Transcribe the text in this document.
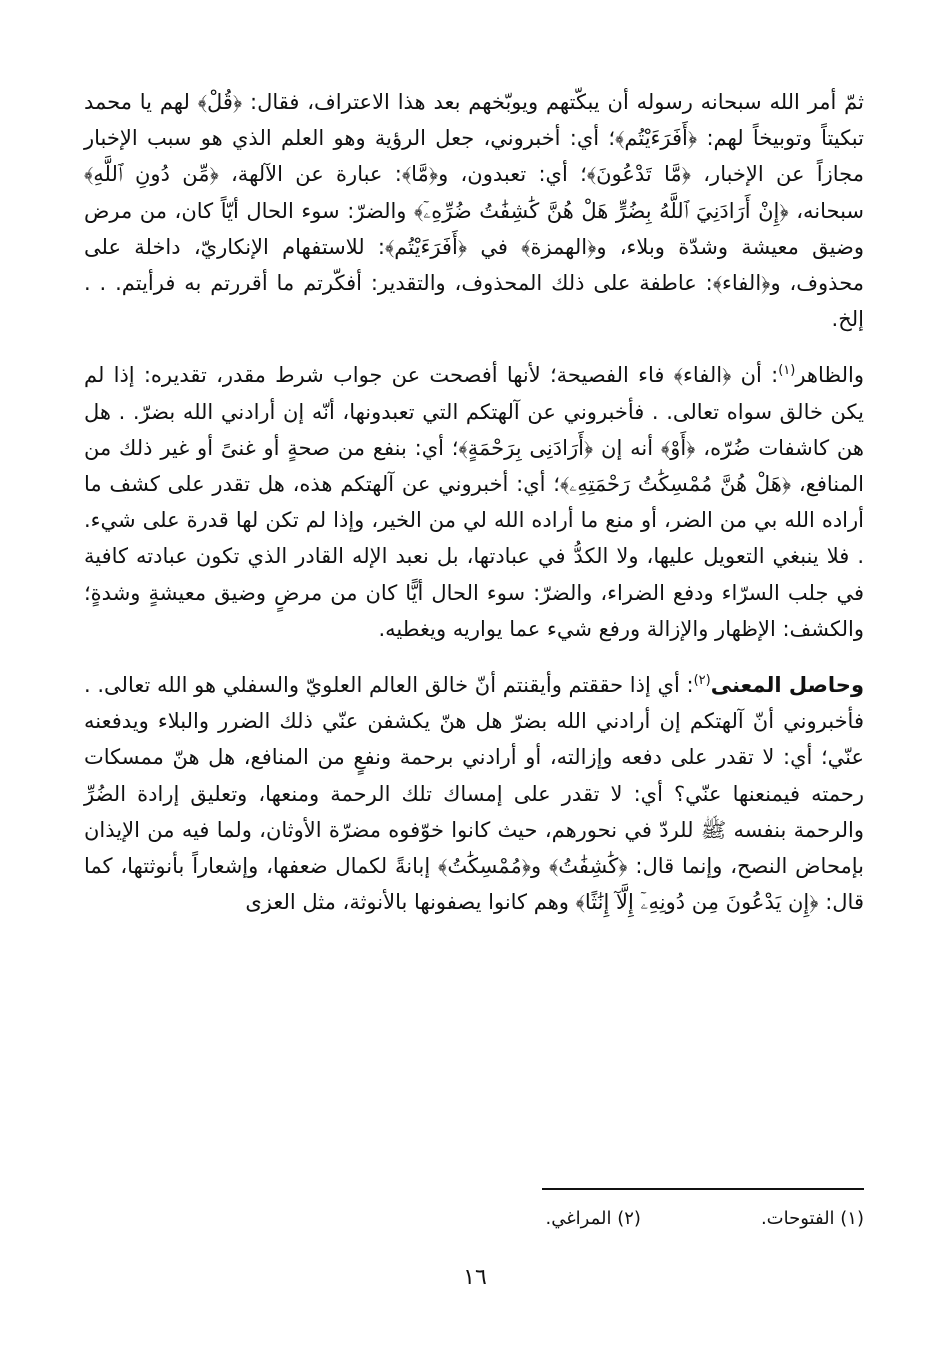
ثمّ أمر الله سبحانه رسوله أن يبكّتهم ويوبّخهم بعد هذا الاعتراف، فقال: ﴿قُلْ﴾ لهم يا محمد تبكيتاً وتوبيخاً لهم: ﴿أَفَرَءَيْتُم﴾؛ أي: أخبروني، جعل الرؤية وهو العلم الذي هو سبب الإخبار مجازاً عن الإخبار، ﴿مَّا تَدْعُونَ﴾؛ أي: تعبدون، و﴿مَّا﴾: عبارة عن الآلهة، ﴿مِّن دُونِ ٱللَّهِ﴾ سبحانه، ﴿إِنْ أَرَادَنِيَ ٱللَّهُ بِضُرٍّ هَلْ هُنَّ كَٰشِفَٰتُ ضُرِّهِۦٓ﴾ والضرّ: سوء الحال أيّاً كان، من مرض وضيق معيشة وشدّة وبلاء، و﴿الهمزة﴾ في ﴿أَفَرَءَيْتُم﴾: للاستفهام الإنكاريّ، داخلة على محذوف، و﴿الفاء﴾: عاطفة على ذلك المحذوف، والتقدير: أفكّرتم ما أقررتم به فرأيتم. . . إلخ.

والظاهر$^{(١)}$: أن ﴿الفاء﴾ فاء الفصيحة؛ لأنها أفصحت عن جواب شرط مقدر، تقديره: إذا لم يكن خالق سواه تعالى. . فأخبروني عن آلهتكم التي تعبدونها، أنّه إن أرادني الله بضرّ. . هل هن كاشفات ضُرّه، ﴿أَوْ﴾ أنه إن ﴿أَرَادَنِى بِرَحْمَةٍ﴾؛ أي: بنفع من صحةٍ أو غنىً أو غير ذلك من المنافع، ﴿هَلْ هُنَّ مُمْسِكَٰتُ رَحْمَتِهِۦ﴾؛ أي: أخبروني عن آلهتكم هذه، هل تقدر على كشف ما أراده الله بي من الضر، أو منع ما أراده الله لي من الخير، وإذا لم تكن لها قدرة على شيء. . فلا ينبغي التعويل عليها، ولا الكدُّ في عبادتها، بل نعبد الإله القادر الذي تكون عبادته كافية في جلب السرّاء ودفع الضراء، والضرّ: سوء الحال أيًّا كان من مرضٍ وضيق معيشةٍ وشدةٍ؛ والكشف: الإظهار والإزالة ورفع شيء عما يواريه ويغطيه.

وحاصل المعنى$^{(٢)}$: أي إذا حققتم وأيقنتم أنّ خالق العالم العلويّ والسفلي هو الله تعالى. . فأخبروني أنّ آلهتكم إن أرادني الله بضرّ هل هنّ يكشفن عنّي ذلك الضرر والبلاء ويدفعنه عنّي؛ أي: لا تقدر على دفعه وإزالته، أو أرادني برحمة ونفعٍ من المنافع، هل هنّ ممسكات رحمته فيمنعنها عنّي؟ أي: لا تقدر على إمساك تلك الرحمة ومنعها، وتعليق إرادة الضُرِّ والرحمة بنفسه ﷺ للردّ في نحورهم، حيث كانوا خوّفوه مضرّة الأوثان، ولما فيه من الإيذان بإمحاض النصح، وإنما قال: ﴿كَٰشِفَٰتُ﴾ و﴿مُمْسِكَٰتُ﴾ إبانةً لكمال ضعفها، وإشعاراً بأنوثتها، كما قال: ﴿إِن يَدْعُونَ مِن دُونِهِۦٓ إِلَّآ إِنَٰثًا﴾ وهم كانوا يصفونها بالأنوثة، مثل العزى

(١) الفتوحات.(٢) المراغي.
١٦
